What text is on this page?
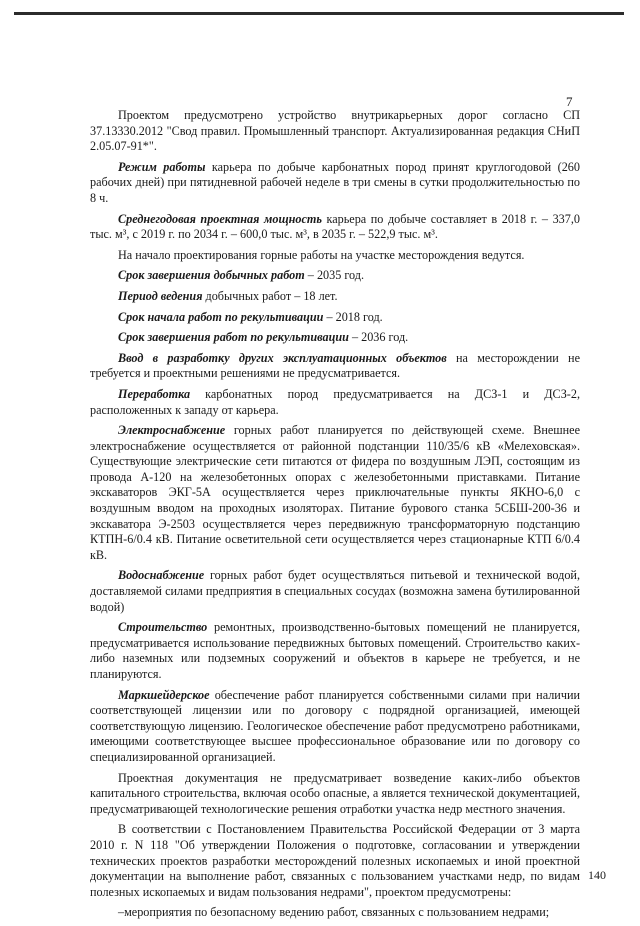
7

Проектом предусмотрено устройство внутрикарьерных дорог согласно СП 37.13330.2012 "Свод правил. Промышленный транспорт. Актуализированная редакция СНиП 2.05.07-91*".

Режим работы карьера по добыче карбонатных пород принят круглогодовой (260 рабочих дней) при пятидневной рабочей неделе в три смены в сутки продолжительностью по 8 ч.

Среднегодовая проектная мощность карьера по добыче составляет в 2018 г. – 337,0 тыс. м³, с 2019 г. по 2034 г. – 600,0 тыс. м³, в 2035 г. – 522,9 тыс. м³.

На начало проектирования горные работы на участке месторождения ведутся.

Срок завершения добычных работ – 2035 год.

Период ведения добычных работ – 18 лет.

Срок начала работ по рекультивации – 2018 год.

Срок завершения работ по рекультивации – 2036 год.

Ввод в разработку других эксплуатационных объектов на месторождении не требуется и проектными решениями не предусматривается.

Переработка карбонатных пород предусматривается на ДСЗ-1 и ДСЗ-2, расположенных к западу от карьера.

Электроснабжение горных работ планируется по действующей схеме. Внешнее электроснабжение осуществляется от районной подстанции 110/35/6 кВ «Мелеховская». Существующие электрические сети питаются от фидера по воздушным ЛЭП, состоящим из провода А-120 на железобетонных опорах с железобетонными приставками. Питание экскаваторов ЭКГ-5А осуществляется через приключательные пункты ЯКНО-6,0 с воздушным вводом на проходных изоляторах. Питание бурового станка 5СБШ-200-36 и экскаватора Э-2503 осуществляется через передвижную трансформаторную подстанцию КТПН-6/0.4 кВ. Питание осветительной сети осуществляется через стационарные КТП 6/0.4 кВ.

Водоснабжение горных работ будет осуществляться питьевой и технической водой, доставляемой силами предприятия в специальных сосудах (возможна замена бутилированной водой)

Строительство ремонтных, производственно-бытовых помещений не планируется, предусматривается использование передвижных бытовых помещений. Строительство каких-либо наземных или подземных сооружений и объектов в карьере не требуется, и не планируются.

Маркшейдерское обеспечение работ планируется собственными силами при наличии соответствующей лицензии или по договору с подрядной организацией, имеющей соответствующую лицензию. Геологическое обеспечение работ предусмотрено работниками, имеющими соответствующее высшее профессиональное образование или по договору со специализированной организацией.

Проектная документация не предусматривает возведение каких-либо объектов капитального строительства, включая особо опасные, а является технической документацией, предусматривающей технологические решения отработки участка недр местного значения.

В соответствии с Постановлением Правительства Российской Федерации от 3 марта 2010 г. N 118 "Об утверждении Положения о подготовке, согласовании и утверждении технических проектов разработки месторождений полезных ископаемых и иной проектной документации на выполнение работ, связанных с пользованием участками недр, по видам полезных ископаемых и видам пользования недрами", проектом предусмотрены:

–мероприятия по безопасному ведению работ, связанных с пользованием недрами;

140
